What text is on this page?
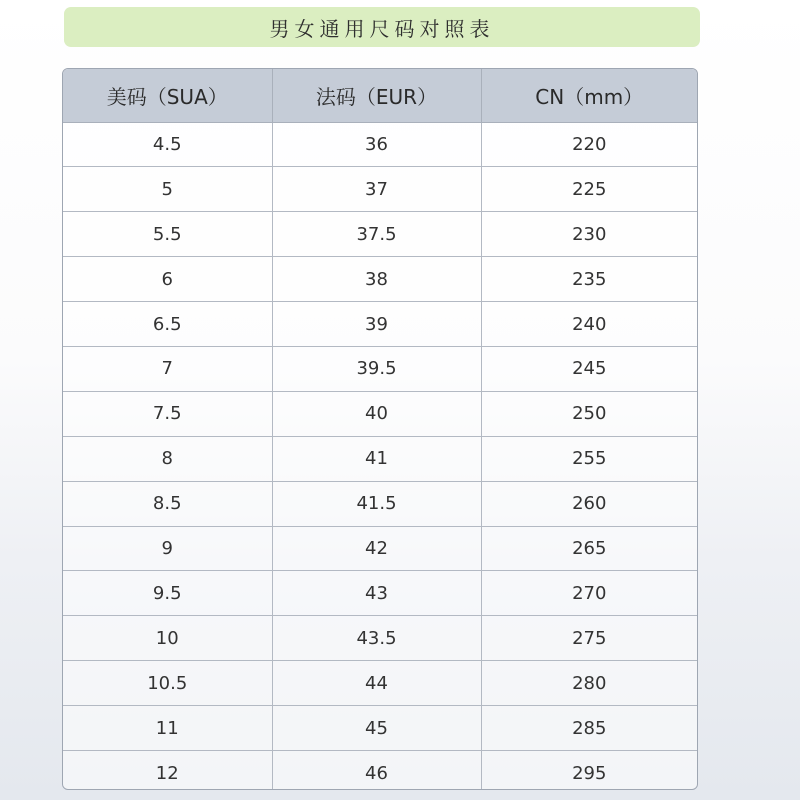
男女通用尺码对照表
美码（SUA）	法码（EUR）	CN（mm）
4.5	36	220
5	37	225
5.5	37.5	230
6	38	235
6.5	39	240
7	39.5	245
7.5	40	250
8	41	255
8.5	41.5	260
9	42	265
9.5	43	270
10	43.5	275
10.5	44	280
11	45	285
12	46	295
